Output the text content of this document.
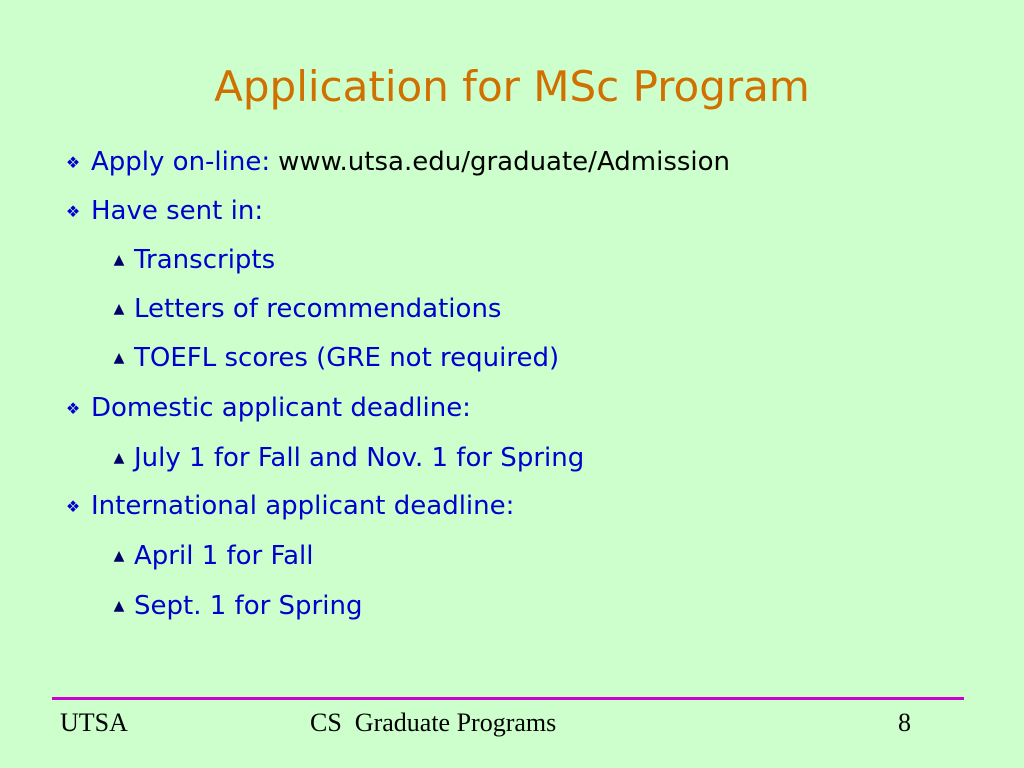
Application for MSc Program
❖ Apply on-line: www.utsa.edu/graduate/Admission
❖ Have sent in:
▲ Transcripts
▲ Letters of recommendations
▲ TOEFL scores (GRE not required)
❖ Domestic applicant deadline:
▲ July 1 for Fall and Nov. 1 for Spring
❖ International applicant deadline:
▲ April 1 for Fall
▲ Sept. 1 for Spring
UTSA	CS  Graduate Programs	8
